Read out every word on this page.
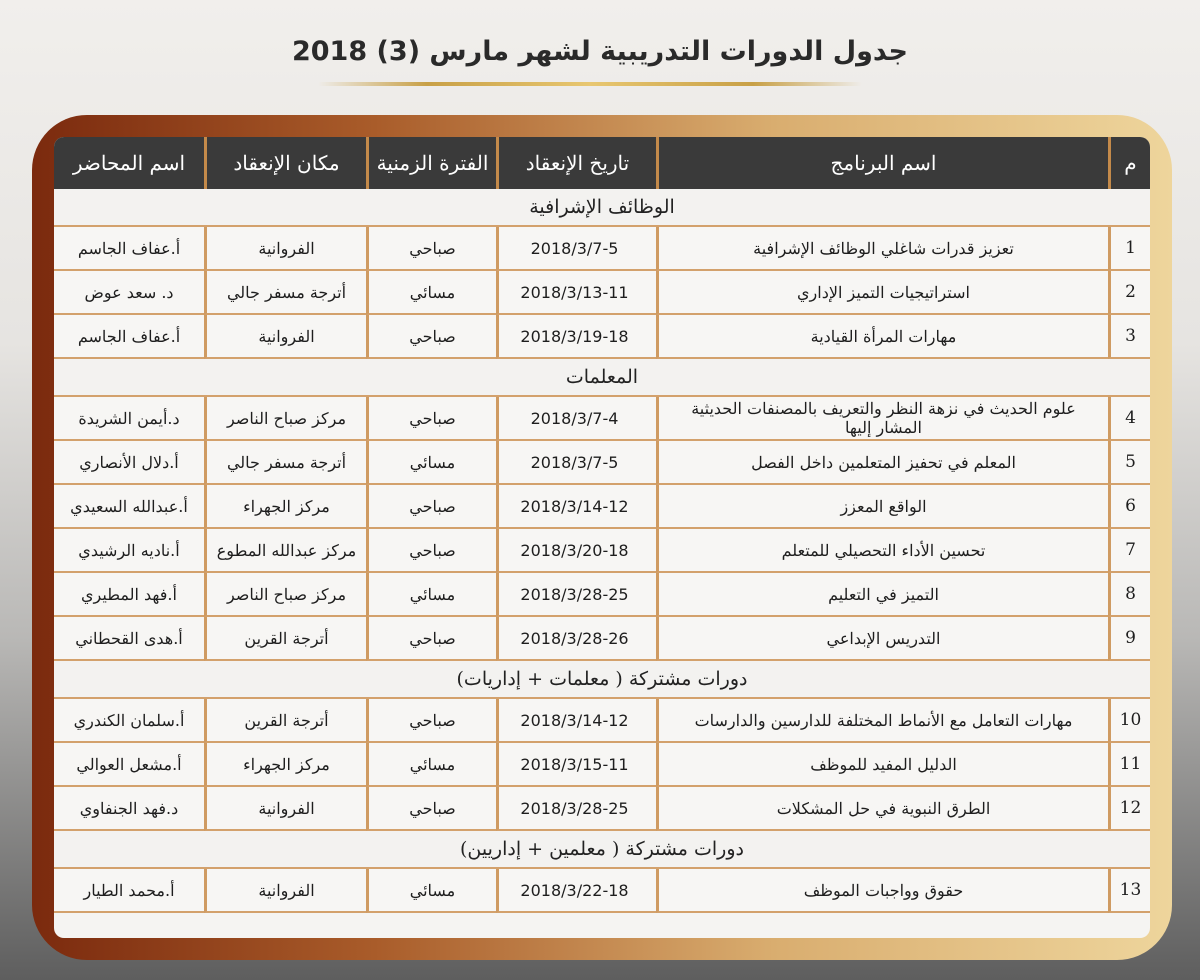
جدول الدورات التدريبية لشهر مارس (3) 2018
م	اسم البرنامج	تاريخ الإنعقاد	الفترة الزمنية	مكان الإنعقاد	اسم المحاضر
الوظائف الإشرافية					
1	تعزيز قدرات شاغلي الوظائف الإشرافية	2018/3/7-5	صباحي	الفروانية	أ.عفاف الجاسم
2	استراتيجيات التميز الإداري	2018/3/13-11	مسائي	أترجة مسفر جالي	د. سعد عوض
3	مهارات المرأة القيادية	2018/3/19-18	صباحي	الفروانية	أ.عفاف الجاسم
المعلمات					
4	علوم الحديث في نزهة النظر والتعريف بالمصنفات الحديثية المشار إليها	2018/3/7-4	صباحي	مركز صباح الناصر	د.أيمن الشريدة
5	المعلم في تحفيز المتعلمين داخل الفصل	2018/3/7-5	مسائي	أترجة مسفر جالي	أ.دلال الأنصاري
6	الواقع المعزز	2018/3/14-12	صباحي	مركز الجهراء	أ.عبدالله السعيدي
7	تحسين الأداء التحصيلي للمتعلم	2018/3/20-18	صباحي	مركز عبدالله المطوع	أ.ناديه الرشيدي
8	التميز في التعليم	2018/3/28-25	مسائي	مركز صباح الناصر	أ.فهد المطيري
9	التدريس الإبداعي	2018/3/28-26	صباحي	أترجة القرين	أ.هدى القحطاني
دورات مشتركة ( معلمات + إداريات)					
10	مهارات التعامل مع الأنماط المختلفة للدارسين والدارسات	2018/3/14-12	صباحي	أترجة القرين	أ.سلمان الكندري
11	الدليل المفيد للموظف	2018/3/15-11	مسائي	مركز الجهراء	أ.مشعل العوالي
12	الطرق النبوية في حل المشكلات	2018/3/28-25	صباحي	الفروانية	د.فهد الجنفاوي
دورات مشتركة ( معلمين + إداريين)					
13	حقوق وواجبات الموظف	2018/3/22-18	مسائي	الفروانية	أ.محمد الطيار
